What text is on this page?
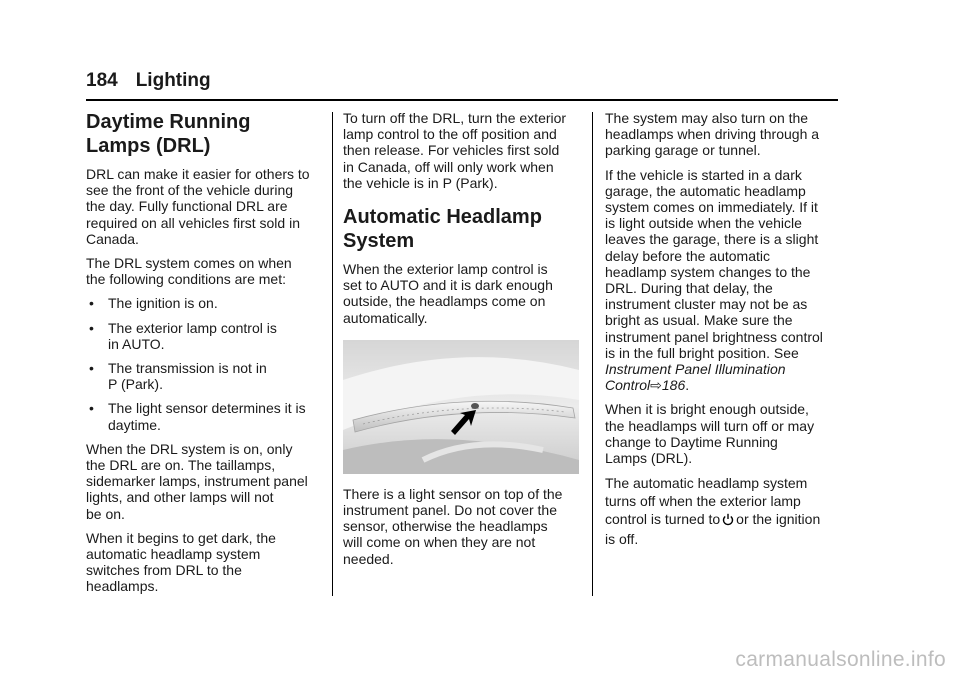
184 Lighting
Daytime Running
Lamps (DRL)

DRL can make it easier for others to
see the front of the vehicle during
the day. Fully functional DRL are
required on all vehicles first sold in
Canada.

The DRL system comes on when
the following conditions are met:

• The ignition is on.
• The exterior lamp control is
in AUTO.
• The transmission is not in
P (Park).
• The light sensor determines it is
daytime.

When the DRL system is on, only
the DRL are on. The taillamps,
sidemarker lamps, instrument panel
lights, and other lamps will not
be on.

When it begins to get dark, the
automatic headlamp system
switches from DRL to the
headlamps.

To turn off the DRL, turn the exterior
lamp control to the off position and
then release. For vehicles first sold
in Canada, off will only work when
the vehicle is in P (Park).

Automatic Headlamp
System

When the exterior lamp control is
set to AUTO and it is dark enough
outside, the headlamps come on
automatically.

There is a light sensor on top of the
instrument panel. Do not cover the
sensor, otherwise the headlamps
will come on when they are not
needed.

The system may also turn on the
headlamps when driving through a
parking garage or tunnel.

If the vehicle is started in a dark
garage, the automatic headlamp
system comes on immediately. If it
is light outside when the vehicle
leaves the garage, there is a slight
delay before the automatic
headlamp system changes to the
DRL. During that delay, the
instrument cluster may not be as
bright as usual. Make sure the
instrument panel brightness control
is in the full bright position. See
Instrument Panel Illumination
Control⇨186.

When it is bright enough outside,
the headlamps will turn off or may
change to Daytime Running
Lamps (DRL).

The automatic headlamp system
turns off when the exterior lamp
control is turned to or the ignition
is off.

carmanualsonline.info
